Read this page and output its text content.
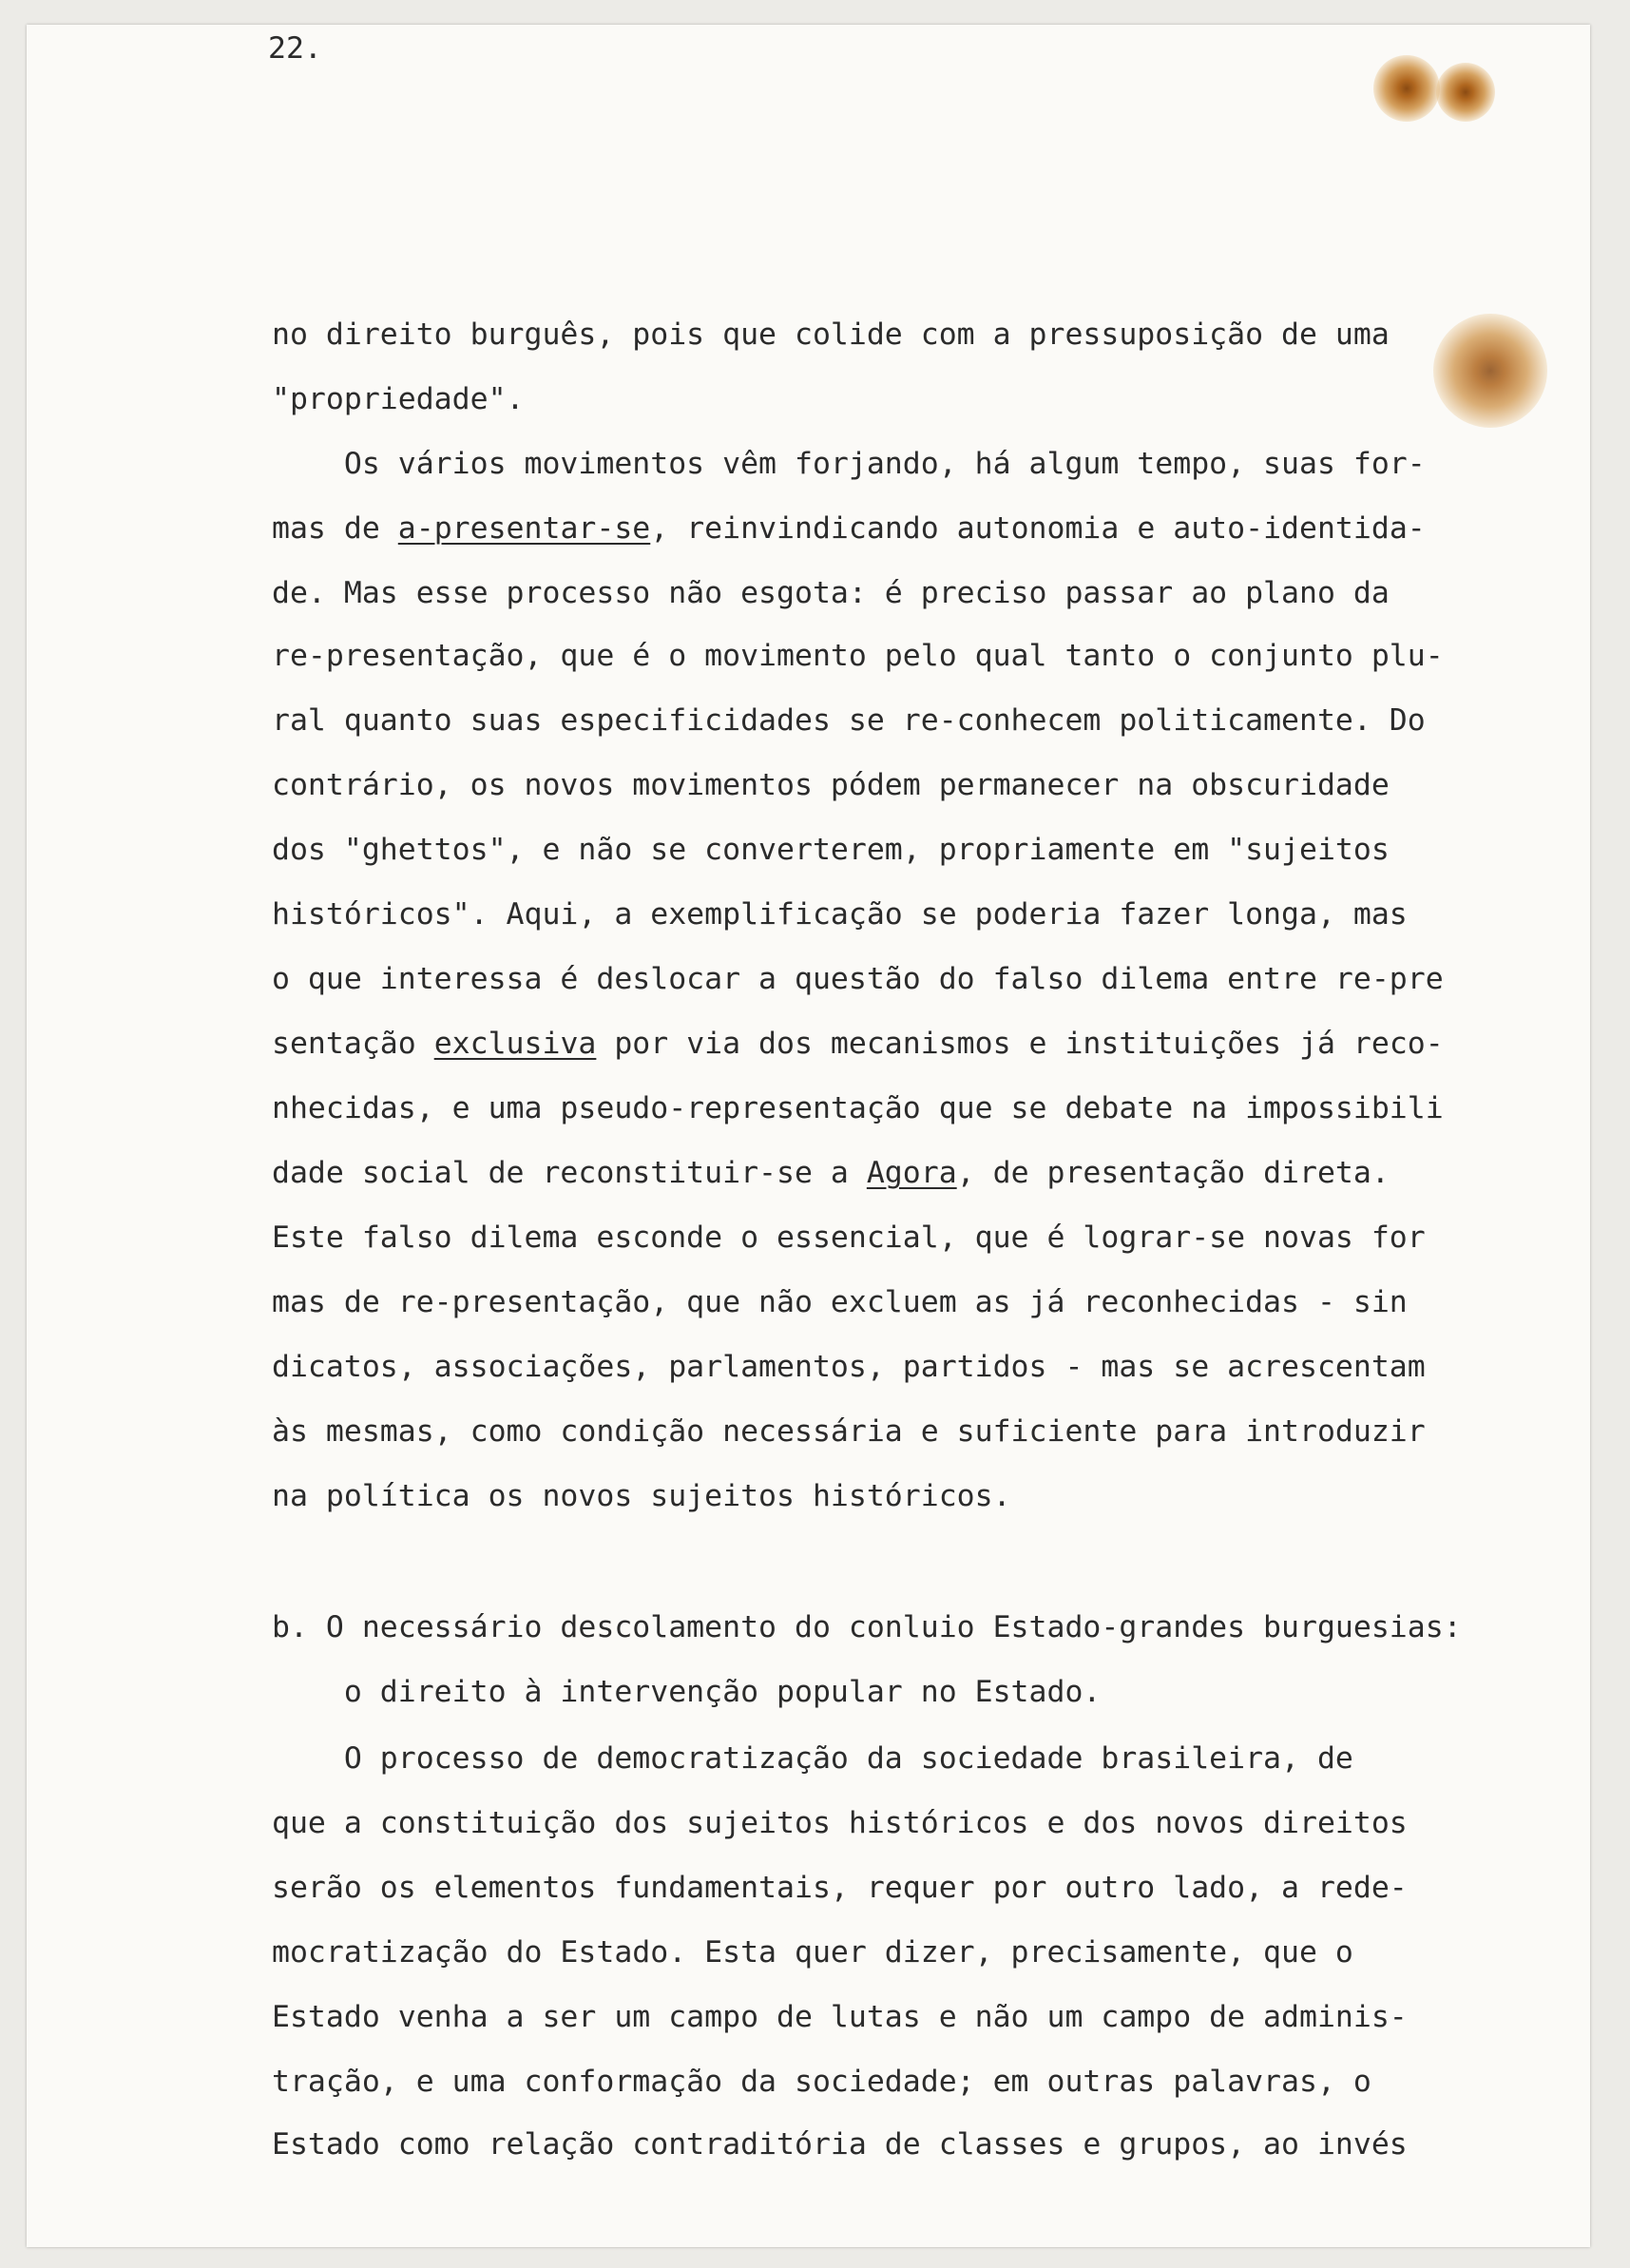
22.
no direito burguês, pois que colide com a pressuposição de uma
"propriedade".
Os vários movimentos vêm forjando, há algum tempo, suas for-
mas de a-presentar-se, reinvindicando autonomia e auto-identida-
de. Mas esse processo não esgota: é preciso passar ao plano da
re-presentação, que é o movimento pelo qual tanto o conjunto plu-
ral quanto suas especificidades se re-conhecem politicamente. Do
contrário, os novos movimentos pódem permanecer na obscuridade
dos "ghettos", e não se converterem, propriamente em "sujeitos
históricos". Aqui, a exemplificação se poderia fazer longa, mas
o que interessa é deslocar a questão do falso dilema entre re-pre
sentação exclusiva por via dos mecanismos e instituições já reco-
nhecidas, e uma pseudo-representação que se debate na impossibili
dade social de reconstituir-se a Agora, de presentação direta.
Este falso dilema esconde o essencial, que é lograr-se novas for
mas de re-presentação, que não excluem as já reconhecidas - sin
dicatos, associações, parlamentos, partidos - mas se acrescentam
às mesmas, como condição necessária e suficiente para introduzir
na política os novos sujeitos históricos.
b. O necessário descolamento do conluio Estado-grandes burguesias:
o direito à intervenção popular no Estado.
O processo de democratização da sociedade brasileira, de
que a constituição dos sujeitos históricos e dos novos direitos
serão os elementos fundamentais, requer por outro lado, a rede-
mocratização do Estado. Esta quer dizer, precisamente, que o
Estado venha a ser um campo de lutas e não um campo de adminis-
tração, e uma conformação da sociedade; em outras palavras, o
Estado como relação contraditória de classes e grupos, ao invés
